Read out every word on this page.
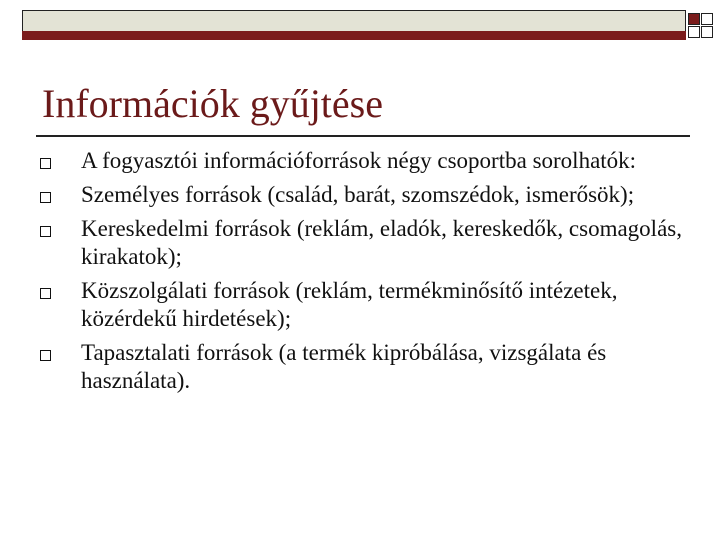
Információk gyűjtése
A fogyasztói információforrások négy csoportba sorolhatók:
Személyes források (család, barát, szomszédok, ismerősök);
Kereskedelmi források (reklám, eladók, kereskedők, csomagolás, kirakatok);
Közszolgálati források (reklám, termékminősítő intézetek, közérdekű hirdetések);
Tapasztalati források (a termék kipróbálása, vizsgálata és használata).
